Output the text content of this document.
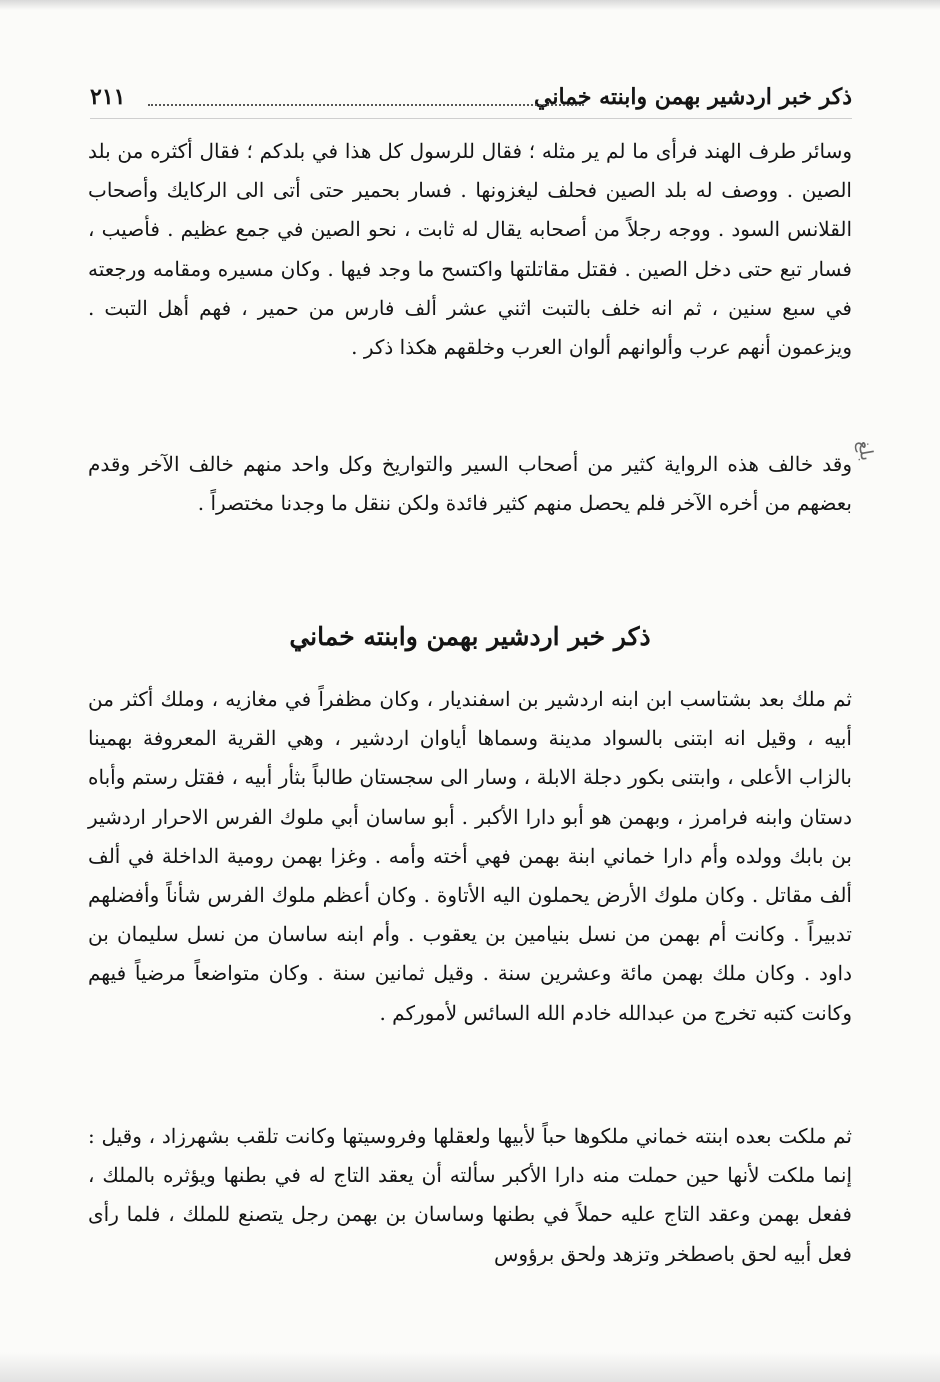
ذكر خبر اردشير بهمن وابنته خماني
٢١١

وسائر طرف الهند فرأى ما لم ير مثله ؛ فقال للرسول كل هذا في بلدكم ؛ فقال أكثره من بلد الصين . ووصف له بلد الصين فحلف ليغزونها . فسار بحمير حتى أتى الى الركايك وأصحاب القلانس السود . ووجه رجلاً من أصحابه يقال له ثابت ، نحو الصين في جمع عظيم . فأصيب ، فسار تبع حتى دخل الصين . فقتل مقاتلتها واكتسح ما وجد فيها . وكان مسيره ومقامه ورجعته في سبع سنين ، ثم انه خلف بالتبت اثني عشر ألف فارس من حمير ، فهم أهل التبت . ويزعمون أنهم عرب وألوانهم ألوان العرب وخلقهم هكذا ذكر .

وقد خالف هذه الرواية كثير من أصحاب السير والتواريخ وكل واحد منهم خالف الآخر وقدم بعضهم من أخره الآخر فلم يحصل منهم كثير فائدة ولكن ننقل ما وجدنا مختصراً .

بلغ
ذكر خبر اردشير بهمن وابنته خماني

ثم ملك بعد بشتاسب ابن ابنه اردشير بن اسفنديار ، وكان مظفراً في مغازيه ، وملك أكثر من أبيه ، وقيل انه ابتنى بالسواد مدينة وسماها أياوان اردشير ، وهي القرية المعروفة بهمينا بالزاب الأعلى ، وابتنى بكور دجلة الابلة ، وسار الى سجستان طالباً بثأر أبيه ، فقتل رستم وأباه دستان وابنه فرامرز ، وبهمن هو أبو دارا الأكبر . أبو ساسان أبي ملوك الفرس الاحرار اردشير بن بابك وولده وأم دارا خماني ابنة بهمن فهي أخته وأمه . وغزا بهمن رومية الداخلة في ألف ألف مقاتل . وكان ملوك الأرض يحملون اليه الأتاوة . وكان أعظم ملوك الفرس شأناً وأفضلهم تدبيراً . وكانت أم بهمن من نسل بنيامين بن يعقوب . وأم ابنه ساسان من نسل سليمان بن داود . وكان ملك بهمن مائة وعشرين سنة . وقيل ثمانين سنة . وكان متواضعاً مرضياً فيهم وكانت كتبه تخرج من عبدالله خادم الله السائس لأموركم .

ثم ملكت بعده ابنته خماني ملكوها حباً لأبيها ولعقلها وفروسيتها وكانت تلقب بشهرزاد ، وقيل : إنما ملكت لأنها حين حملت منه دارا الأكبر سألته أن يعقد التاج له في بطنها ويؤثره بالملك ، ففعل بهمن وعقد التاج عليه حملاً في بطنها وساسان بن بهمن رجل يتصنع للملك ، فلما رأى فعل أبيه لحق باصطخر وتزهد ولحق برؤوس
